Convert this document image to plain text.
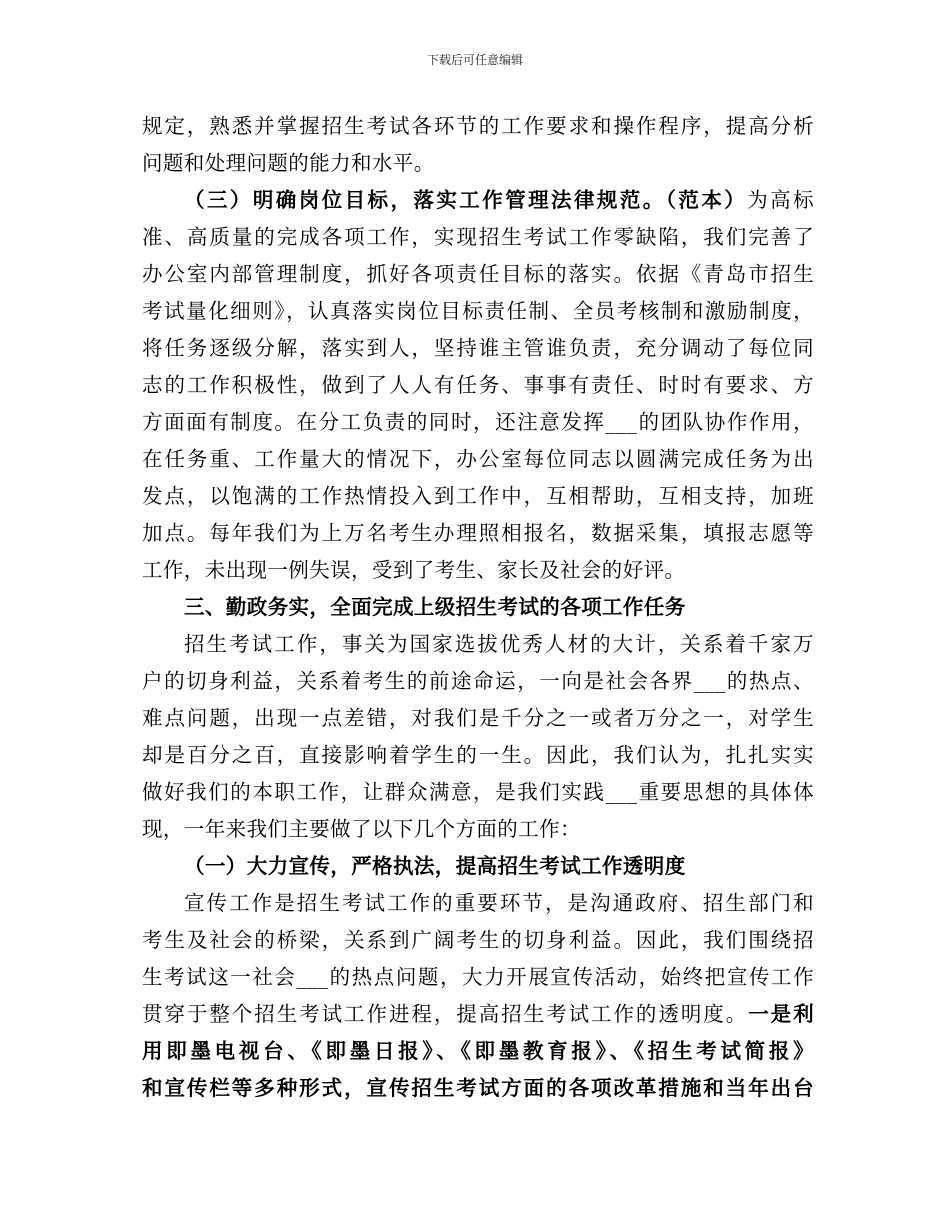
下载后可任意编辑
规定，熟悉并掌握招生考试各环节的工作要求和操作程序，提高分析
问题和处理问题的能力和水平。
（三）明确岗位目标，落实工作管理法律规范。（范本）为高标
准、高质量的完成各项工作，实现招生考试工作零缺陷，我们完善了
办公室内部管理制度，抓好各项责任目标的落实。依据《青岛市招生
考试量化细则》，认真落实岗位目标责任制、全员考核制和激励制度，
将任务逐级分解，落实到人，坚持谁主管谁负责，充分调动了每位同
志的工作积极性，做到了人人有任务、事事有责任、时时有要求、方
方面面有制度。在分工负责的同时，还注意发挥___的团队协作作用，
在任务重、工作量大的情况下，办公室每位同志以圆满完成任务为出
发点，以饱满的工作热情投入到工作中，互相帮助，互相支持，加班
加点。每年我们为上万名考生办理照相报名，数据采集，填报志愿等
工作，未出现一例失误，受到了考生、家长及社会的好评。
三、勤政务实，全面完成上级招生考试的各项工作任务
招生考试工作，事关为国家选拔优秀人材的大计，关系着千家万
户的切身利益，关系着考生的前途命运，一向是社会各界___的热点、
难点问题，出现一点差错，对我们是千分之一或者万分之一，对学生
却是百分之百，直接影响着学生的一生。因此，我们认为，扎扎实实
做好我们的本职工作，让群众满意，是我们实践___重要思想的具体体
现，一年来我们主要做了以下几个方面的工作：
（一）大力宣传，严格执法，提高招生考试工作透明度
宣传工作是招生考试工作的重要环节，是沟通政府、招生部门和
考生及社会的桥梁，关系到广阔考生的切身利益。因此，我们围绕招
生考试这一社会___的热点问题，大力开展宣传活动，始终把宣传工作
贯穿于整个招生考试工作进程，提高招生考试工作的透明度。一是利
用即墨电视台、《即墨日报》、《即墨教育报》、《招生考试简报》
和宣传栏等多种形式，宣传招生考试方面的各项改革措施和当年出台
